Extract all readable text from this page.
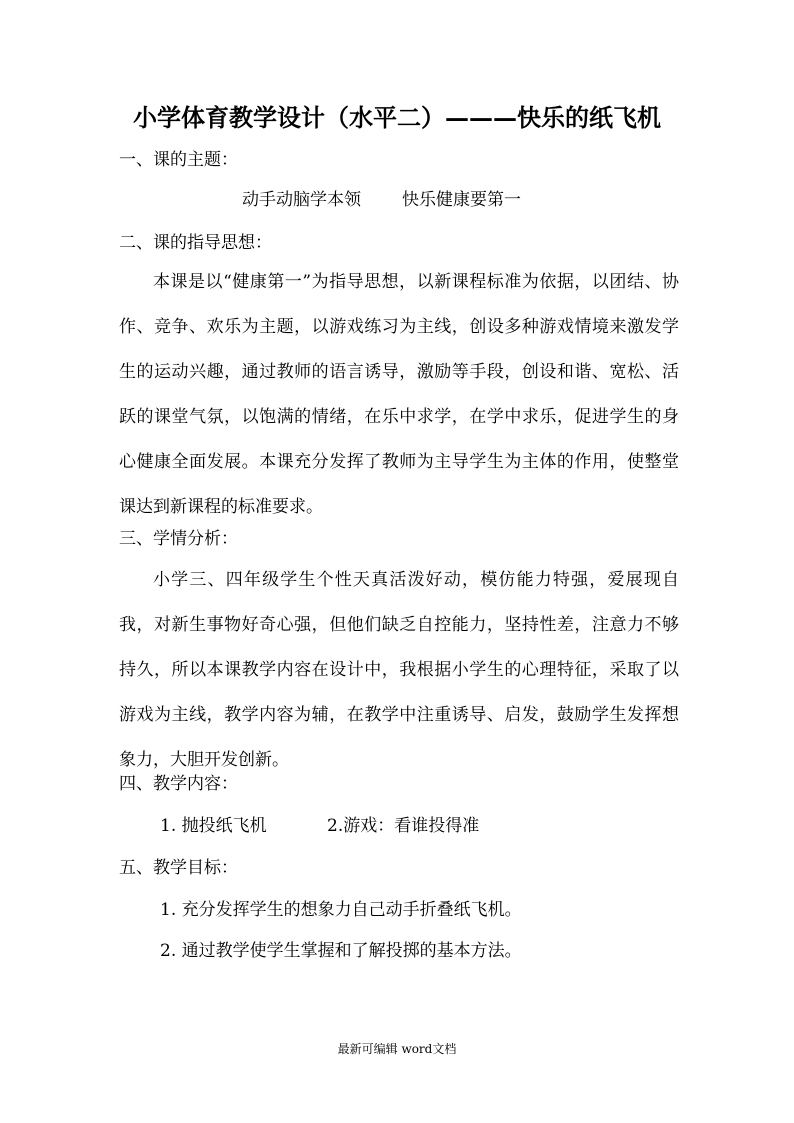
小学体育教学设计（水平二）———快乐的纸飞机
一、课的主题：
动手动脑学本领 快乐健康要第一
二、课的指导思想：

本课是以“健康第一”为指导思想，以新课程标准为依据，以团结、协作、竞争、欢乐为主题，以游戏练习为主线，创设多种游戏情境来激发学生的运动兴趣，通过教师的语言诱导，激励等手段，创设和谐、宽松、活跃的课堂气氛，以饱满的情绪，在乐中求学，在学中求乐，促进学生的身心健康全面发展。本课充分发挥了教师为主导学生为主体的作用，使整堂课达到新课程的标准要求。

三、学情分析：

小学三、四年级学生个性天真活泼好动，模仿能力特强，爱展现自我，对新生事物好奇心强，但他们缺乏自控能力，坚持性差，注意力不够持久，所以本课教学内容在设计中，我根据小学生的心理特征，采取了以游戏为主线，教学内容为辅，在教学中注重诱导、启发，鼓励学生发挥想象力，大胆开发创新。

四、教学内容：
1. 抛投纸飞机	2.游戏：看谁投得准
五、教学目标：
1. 充分发挥学生的想象力自己动手折叠纸飞机。
2. 通过教学使学生掌握和了解投掷的基本方法。
最新可编辑 word文档
